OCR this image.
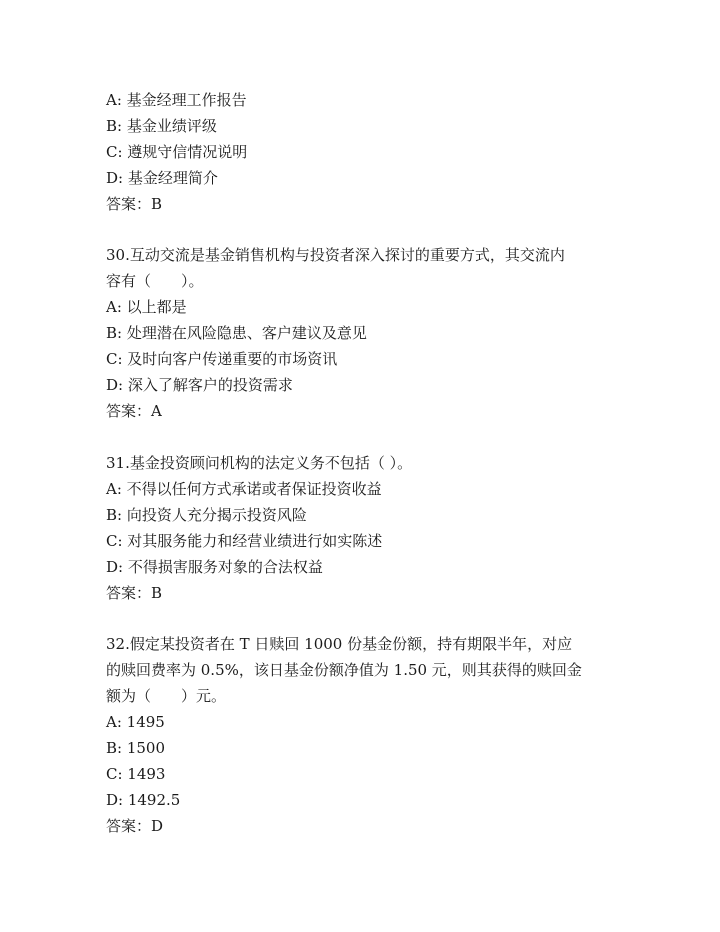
A: 基金经理工作报告
B: 基金业绩评级
C: 遵规守信情况说明
D: 基金经理简介
答案：B
30.互动交流是基金销售机构与投资者深入探讨的重要方式，其交流内
容有（　　）。
A: 以上都是
B: 处理潜在风险隐患、客户建议及意见
C: 及时向客户传递重要的市场资讯
D: 深入了解客户的投资需求
答案：A
31.基金投资顾问机构的法定义务不包括（ ）。
A: 不得以任何方式承诺或者保证投资收益
B: 向投资人充分揭示投资风险
C: 对其服务能力和经营业绩进行如实陈述
D: 不得损害服务对象的合法权益
答案：B
32.假定某投资者在 T 日赎回 1000 份基金份额，持有期限半年，对应
的赎回费率为 0.5%，该日基金份额净值为 1.50 元，则其获得的赎回金
额为（　　）元。
A: 1495
B: 1500
C: 1493
D: 1492.5
答案：D
